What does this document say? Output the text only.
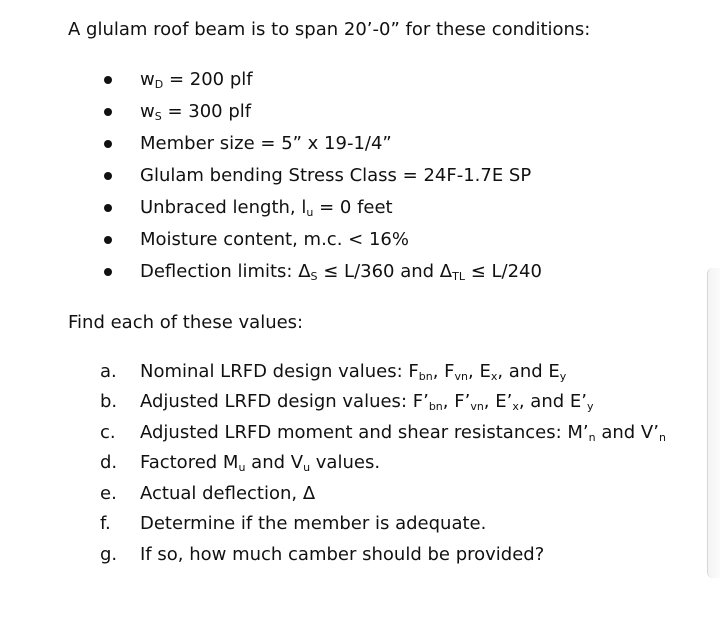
A glulam roof beam is to span 20’-0” for these conditions:
$w_D = 200$ plf
$w_S = 300$ plf
Member size = 5” x 19-1/4”
Glulam bending Stress Class = 24F-1.7E SP
Unbraced length, $l_u = 0$ feet
Moisture content, m.c. < 16%
Deflection limits: $\Delta_S \le L/360$ and $\Delta_{TL} \le L/240$
Find each of these values:
a.	Nominal LRFD design values: $F_{bn}$, $F_{vn}$, $E_x$, and $E_y$
b.	Adjusted LRFD design values: $F’_{bn}$, $F’_{vn}$, $E’_x$, and $E’_y$
c.	Adjusted LRFD moment and shear resistances: $M’_n$ and $V’_n$
d.	Factored $M_u$ and $V_u$ values.
e.	Actual deflection, Δ
f.	Determine if the member is adequate.
g.	If so, how much camber should be provided?
